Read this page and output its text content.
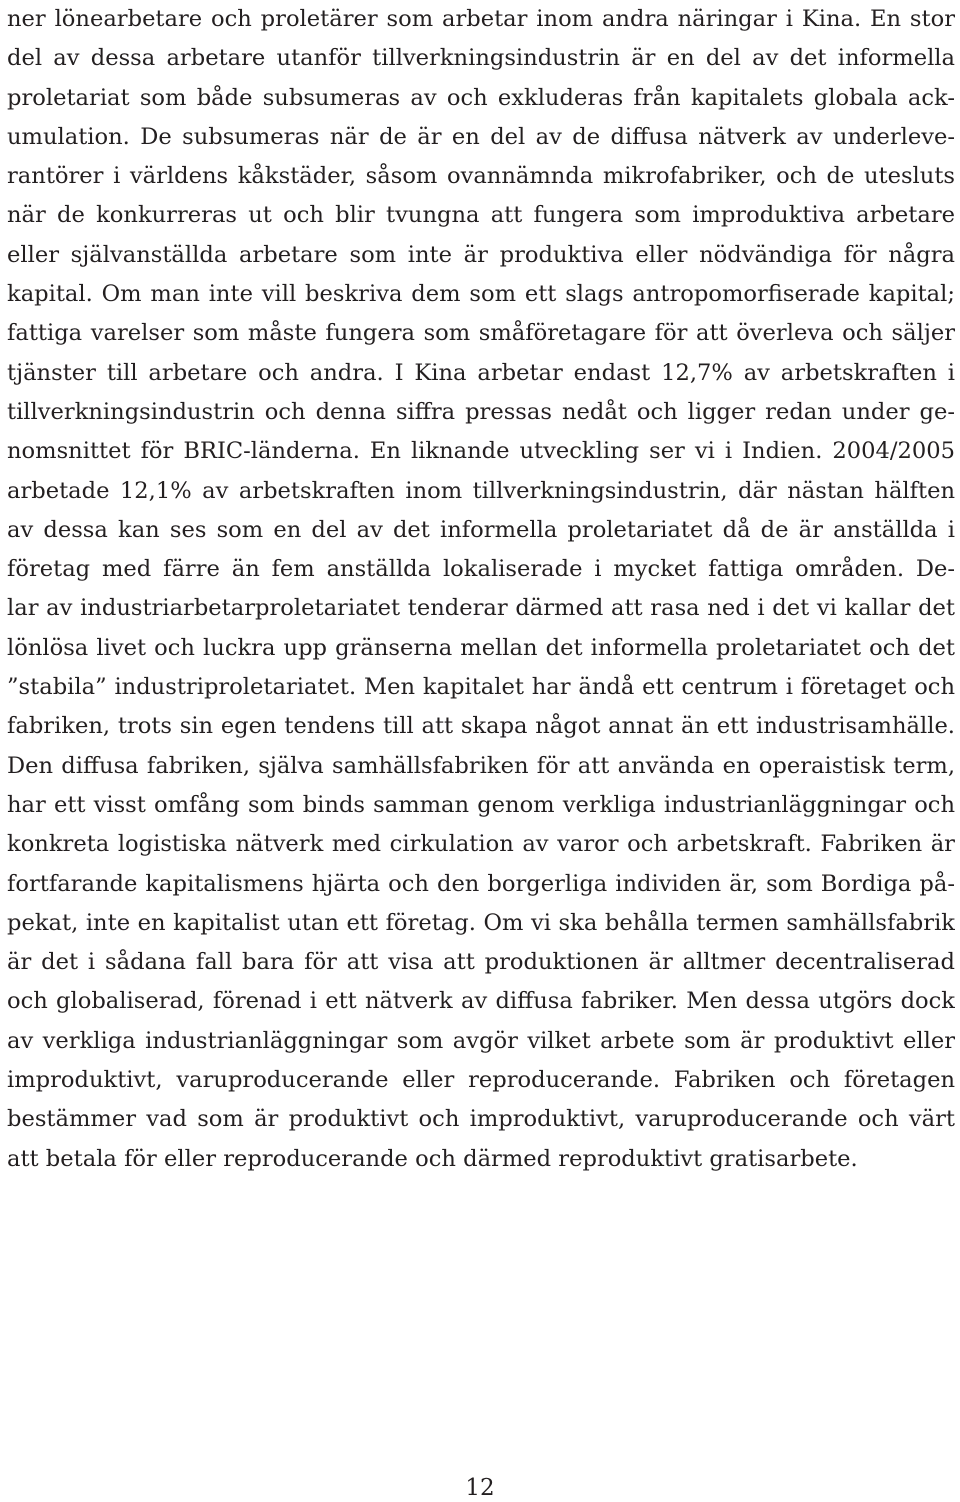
ner lönearbetare och proletärer som arbetar inom andra näringar i Kina. En stor
del av dessa arbetare utanför tillverkningsindustrin är en del av det informella
proletariat som både subsumeras av och exkluderas från kapitalets globala ack-
umulation. De subsumeras när de är en del av de diffusa nätverk av underleve-
rantörer i världens kåkstäder, såsom ovannämnda mikrofabriker, och de utesluts
när de konkurreras ut och blir tvungna att fungera som improduktiva arbetare
eller självanställda arbetare som inte är produktiva eller nödvändiga för några
kapital. Om man inte vill beskriva dem som ett slags antropomorfiserade kapital;
fattiga varelser som måste fungera som småföretagare för att överleva och säljer
tjänster till arbetare och andra. I Kina arbetar endast 12,7% av arbetskraften i
tillverkningsindustrin och denna siffra pressas nedåt och ligger redan under ge-
nomsnittet för BRIC-länderna. En liknande utveckling ser vi i Indien. 2004/2005
arbetade 12,1% av arbetskraften inom tillverkningsindustrin, där nästan hälften
av dessa kan ses som en del av det informella proletariatet då de är anställda i
företag med färre än fem anställda lokaliserade i mycket fattiga områden. De-
lar av industriarbetarproletariatet tenderar därmed att rasa ned i det vi kallar det
lönlösa livet och luckra upp gränserna mellan det informella proletariatet och det
”stabila” industriproletariatet. Men kapitalet har ändå ett centrum i företaget och
fabriken, trots sin egen tendens till att skapa något annat än ett industrisamhälle.
Den diffusa fabriken, själva samhällsfabriken för att använda en operaistisk term,
har ett visst omfång som binds samman genom verkliga industrianläggningar och
konkreta logistiska nätverk med cirkulation av varor och arbetskraft. Fabriken är
fortfarande kapitalismens hjärta och den borgerliga individen är, som Bordiga på-
pekat, inte en kapitalist utan ett företag. Om vi ska behålla termen samhällsfabrik
är det i sådana fall bara för att visa att produktionen är alltmer decentraliserad
och globaliserad, förenad i ett nätverk av diffusa fabriker. Men dessa utgörs dock
av verkliga industrianläggningar som avgör vilket arbete som är produktivt eller
improduktivt, varuproducerande eller reproducerande. Fabriken och företagen
bestämmer vad som är produktivt och improduktivt, varuproducerande och värt
att betala för eller reproducerande och därmed reproduktivt gratisarbete.
12
